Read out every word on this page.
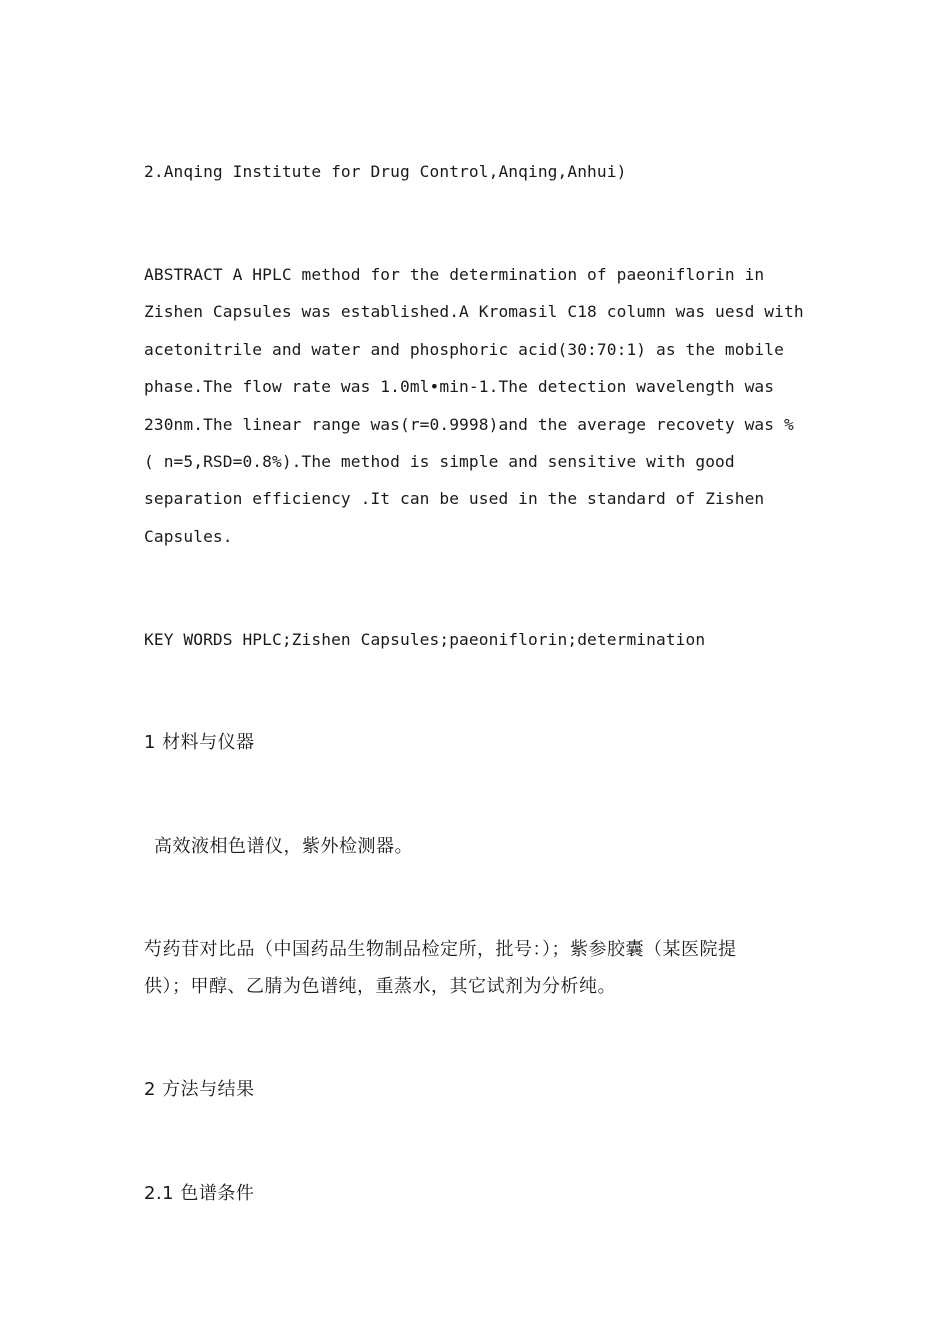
2.Anqing Institute for Drug Control,Anqing,Anhui)
ABSTRACT A HPLC method for the determination of paeoniflorin in
Zishen Capsules was established.A Kromasil C18 column was uesd with
acetonitrile and water and phosphoric acid(30:70:1) as the mobile
phase.The flow rate was 1.0ml•min-1.The detection wavelength was
230nm.The linear range was(r=0.9998)and the average recovety was %
( n=5,RSD=0.8%).The method is simple and sensitive with good
separation efficiency .It can be used in the standard of Zishen
Capsules.
KEY WORDS HPLC;Zishen Capsules;paeoniflorin;determination
1 材料与仪器
高效液相色谱仪，紫外检测器。
芍药苷对比品（中国药品生物制品检定所，批号：）；紫参胶囊（某医院提
供）；甲醇、乙腈为色谱纯，重蒸水，其它试剂为分析纯。
2 方法与结果
2.1 色谱条件
